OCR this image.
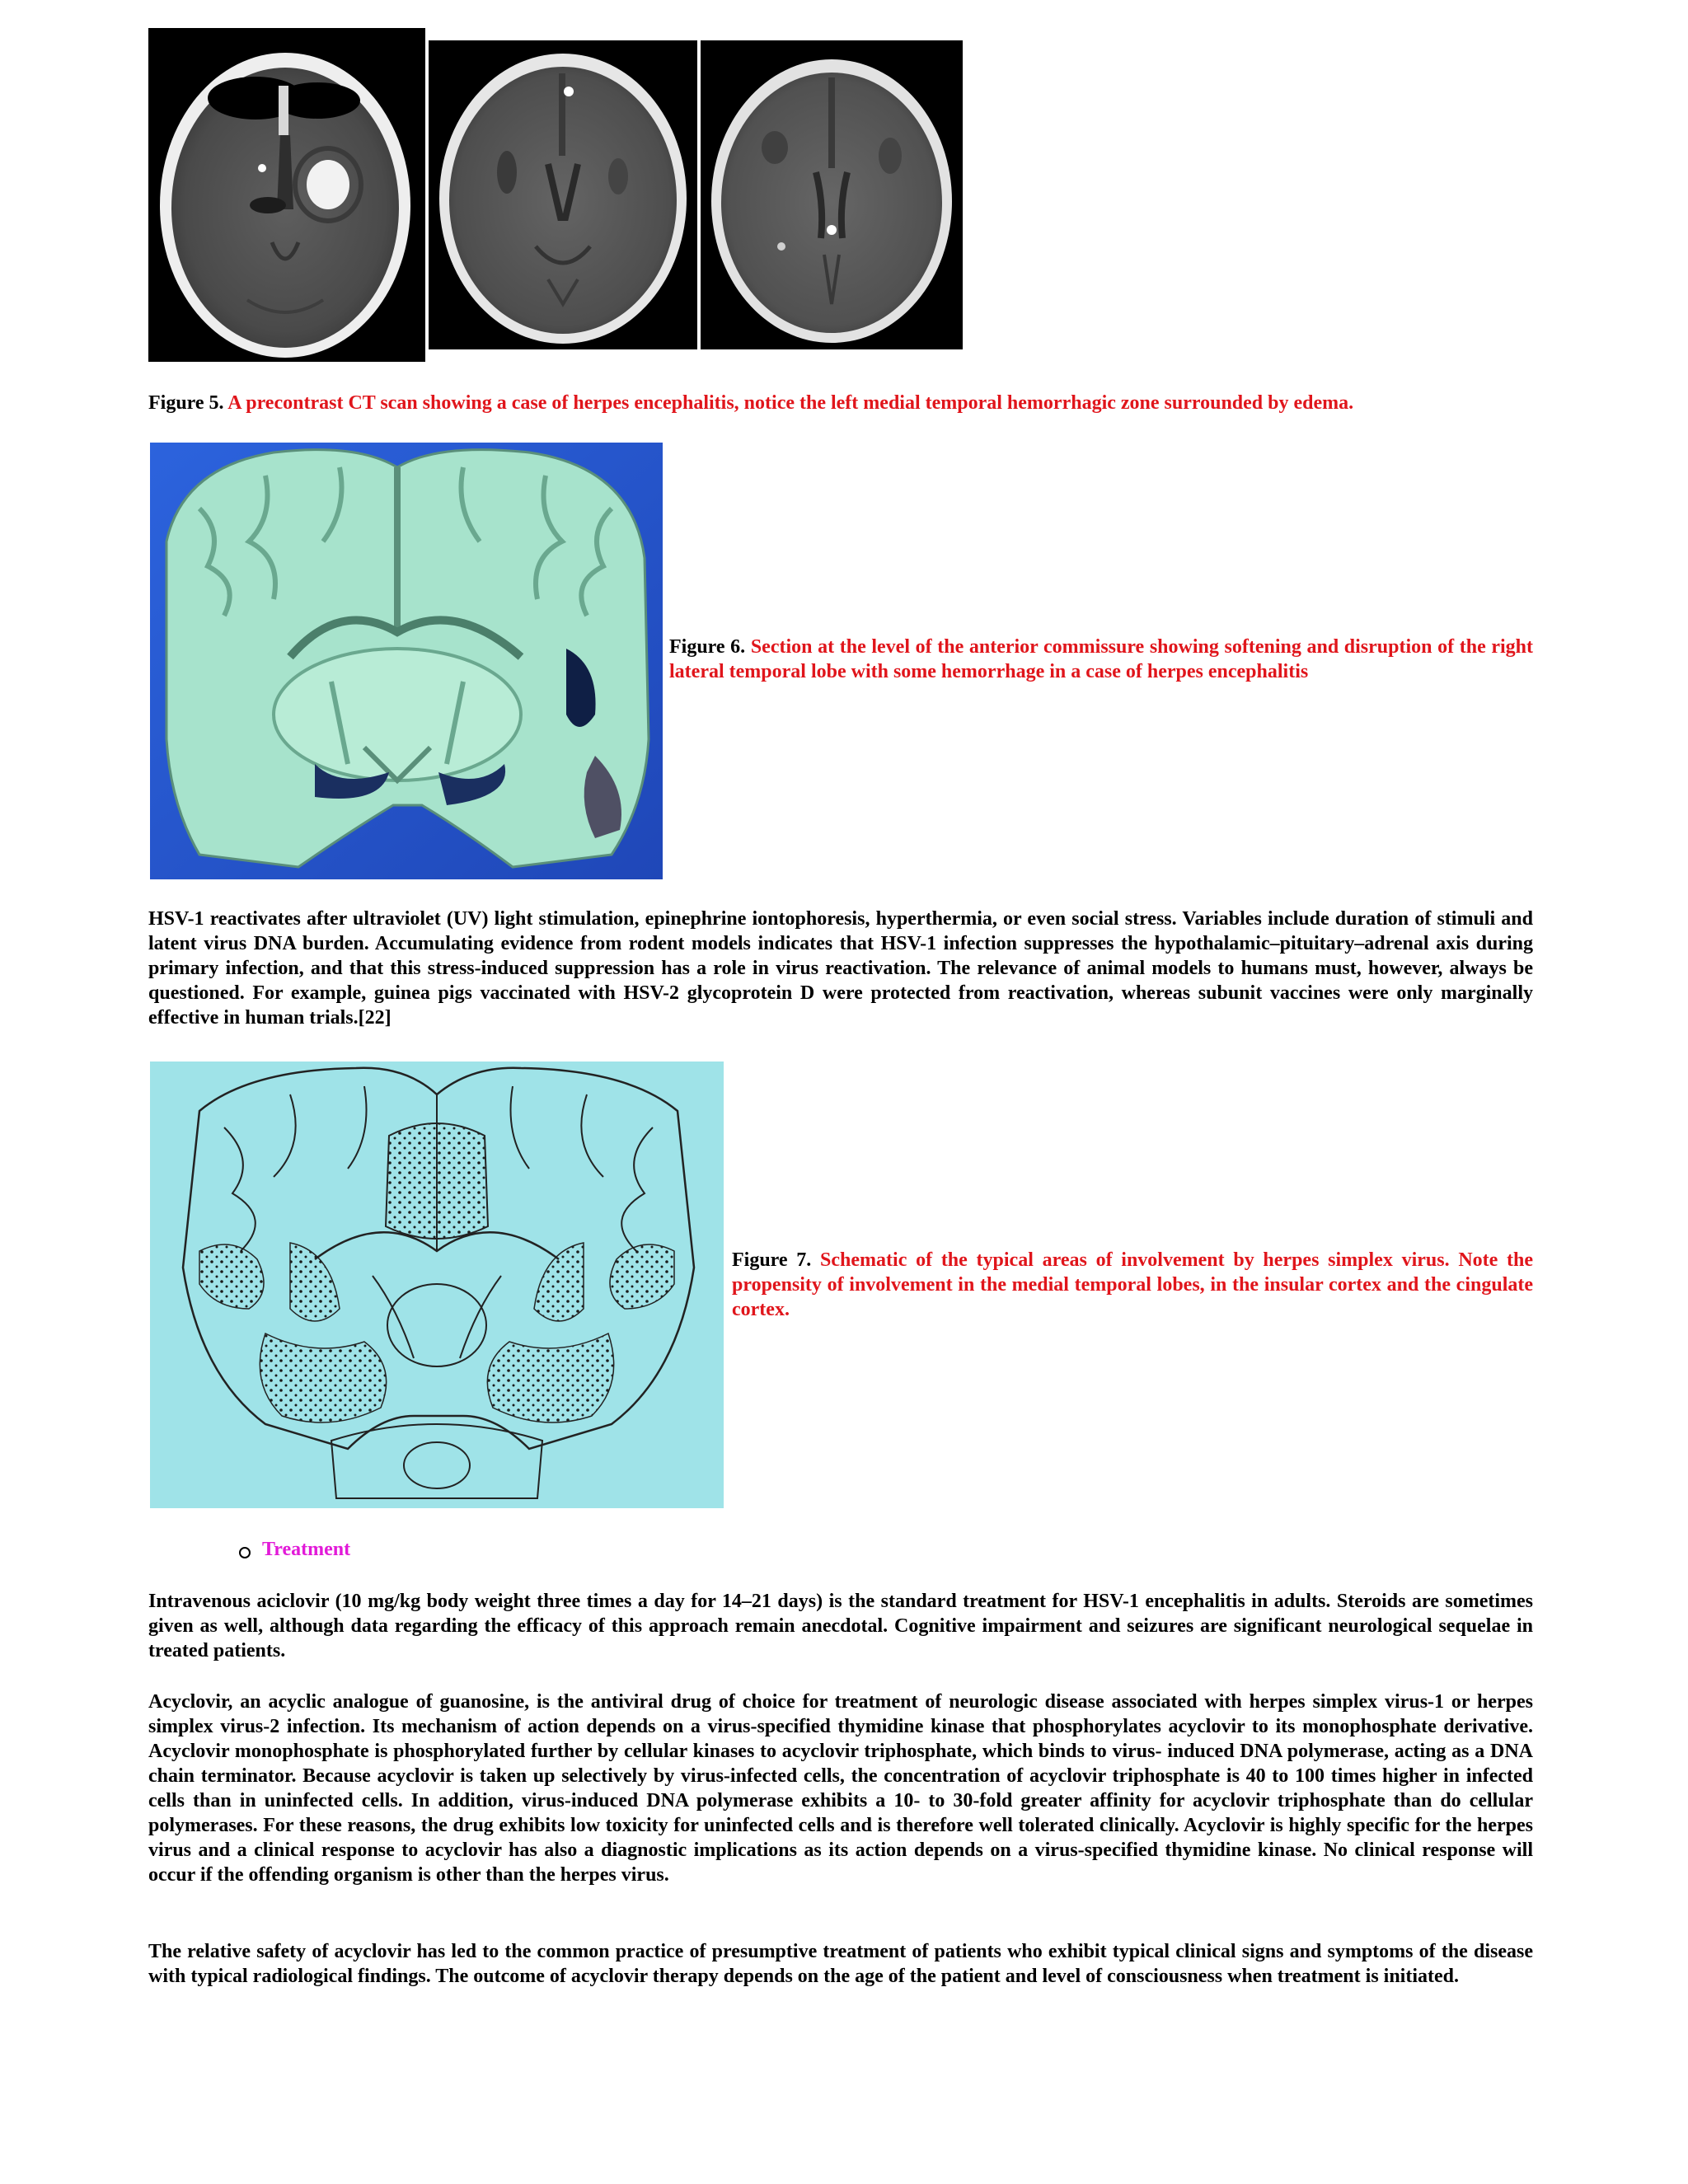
Figure 5. A precontrast CT scan showing a case of herpes encephalitis, notice the left medial temporal hemorrhagic zone surrounded by edema.
Figure 6. Section at the level of the anterior commissure showing softening and disruption of the right lateral temporal lobe with some hemorrhage in a case of herpes encephalitis
HSV-1 reactivates after ultraviolet (UV) light stimulation, epinephrine iontophoresis, hyperthermia, or even social stress. Variables include duration of stimuli and latent virus DNA burden. Accumulating evidence from rodent models indicates that HSV-1 infection suppresses the hypothalamic–pituitary–adrenal axis during primary infection, and that this stress-induced suppression has a role in virus reactivation. The relevance of animal models to humans must, however, always be questioned. For example, guinea pigs vaccinated with HSV-2 glycoprotein D were protected from reactivation, whereas subunit vaccines were only marginally effective in human trials.[22]
Figure 7. Schematic of the typical areas of involvement by herpes simplex virus. Note the propensity of involvement in the medial temporal lobes, in the insular cortex and the cingulate cortex.
Treatment
Intravenous aciclovir (10 mg/kg body weight three times a day for 14–21 days) is the standard treatment for HSV-1 encephalitis in adults. Steroids are sometimes given as well, although data regarding the efficacy of this approach remain anecdotal. Cognitive impairment and seizures are significant neurological sequelae in treated patients.
Acyclovir, an acyclic analogue of guanosine, is the antiviral drug of choice for treatment of neurologic disease associated with herpes simplex virus-1 or herpes simplex virus-2 infection. Its mechanism of action depends on a virus-specified thymidine kinase that phosphorylates acyclovir to its monophosphate derivative. Acyclovir monophosphate is phosphorylated further by cellular kinases to acyclovir triphosphate, which binds to virus- induced DNA polymerase, acting as a DNA chain terminator. Because acyclovir is taken up selectively by virus-infected cells, the concentration of acyclovir triphosphate is 40 to 100 times higher in infected cells than in uninfected cells. In addition, virus-induced DNA polymerase exhibits a 10- to 30-fold greater affinity for acyclovir triphosphate than do cellular polymerases. For these reasons, the drug exhibits low toxicity for uninfected cells and is therefore well tolerated clinically. Acyclovir is highly specific for the herpes virus and a clinical response to acyclovir has also a diagnostic implications as its action depends on a virus-specified thymidine kinase. No clinical response will occur if the offending organism is other than the herpes virus.
The relative safety of acyclovir has led to the common practice of presumptive treatment of patients who exhibit typical clinical signs and symptoms of the disease with typical radiological findings. The outcome of acyclovir therapy depends on the age of the patient and level of consciousness when treatment is initiated.
